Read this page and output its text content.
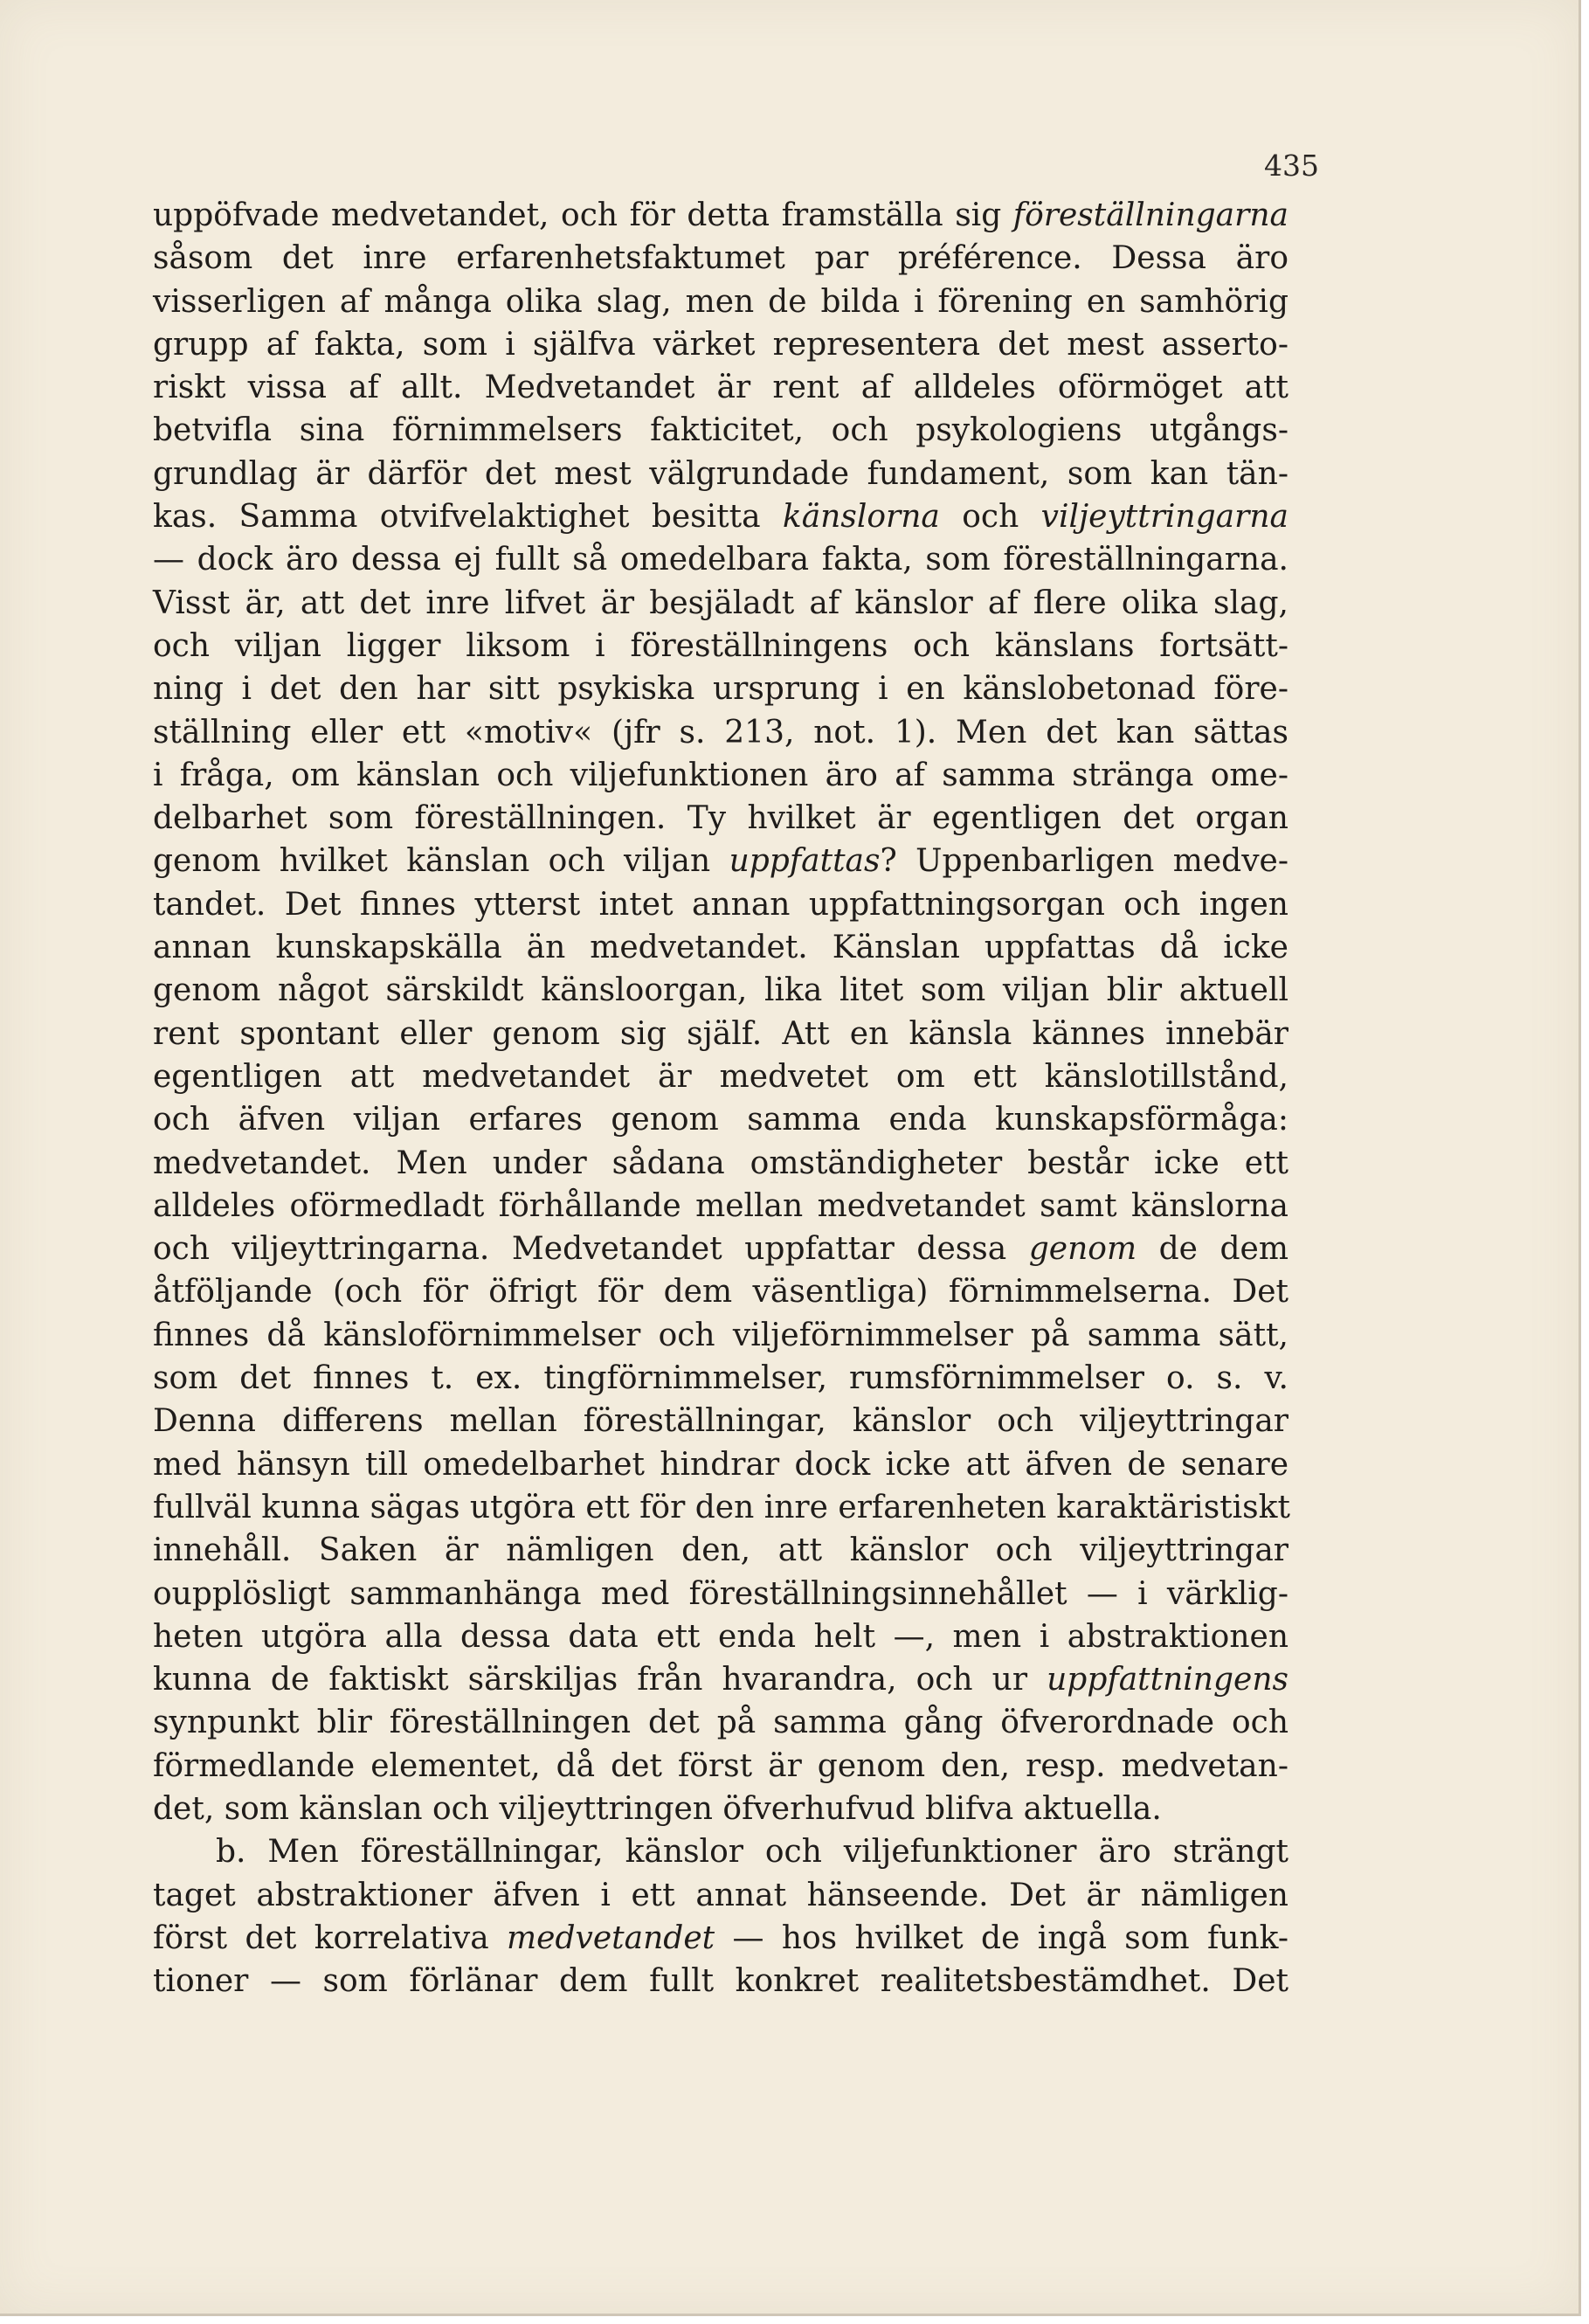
435

uppöfvade medvetandet, och för detta framställa sig föreställningarna
såsom det inre erfarenhetsfaktumet par préférence. Dessa äro
visserligen af många olika slag, men de bilda i förening en samhörig
grupp af fakta, som i själfva värket representera det mest asserto-
riskt vissa af allt. Medvetandet är rent af alldeles oförmöget att
betvifla sina förnimmelsers fakticitet, och psykologiens utgångs-
grundlag är därför det mest välgrundade fundament, som kan tän-
kas. Samma otvifvelaktighet besitta känslorna och viljeyttringarna
— dock äro dessa ej fullt så omedelbara fakta, som föreställningarna.
Visst är, att det inre lifvet är besjäladt af känslor af flere olika slag,
och viljan ligger liksom i föreställningens och känslans fortsätt-
ning i det den har sitt psykiska ursprung i en känslobetonad före-
ställning eller ett «motiv« (jfr s. 213, not. 1). Men det kan sättas
i fråga, om känslan och viljefunktionen äro af samma stränga ome-
delbarhet som föreställningen. Ty hvilket är egentligen det organ
genom hvilket känslan och viljan uppfattas? Uppenbarligen medve-
tandet. Det finnes ytterst intet annan uppfattningsorgan och ingen
annan kunskapskälla än medvetandet. Känslan uppfattas då icke
genom något särskildt känsloorgan, lika litet som viljan blir aktuell
rent spontant eller genom sig själf. Att en känsla kännes innebär
egentligen att medvetandet är medvetet om ett känslotillstånd,
och äfven viljan erfares genom samma enda kunskapsförmåga:
medvetandet. Men under sådana omständigheter består icke ett
alldeles oförmedladt förhållande mellan medvetandet samt känslorna
och viljeyttringarna. Medvetandet uppfattar dessa genom de dem
åtföljande (och för öfrigt för dem väsentliga) förnimmelserna. Det
finnes då känsloförnimmelser och viljeförnimmelser på samma sätt,
som det finnes t. ex. tingförnimmelser, rumsförnimmelser o. s. v.
Denna differens mellan föreställningar, känslor och viljeyttringar
med hänsyn till omedelbarhet hindrar dock icke att äfven de senare
fullväl kunna sägas utgöra ett för den inre erfarenheten karaktäristiskt
innehåll. Saken är nämligen den, att känslor och viljeyttringar
oupplösligt sammanhänga med föreställningsinnehållet — i värklig-
heten utgöra alla dessa data ett enda helt —, men i abstraktionen
kunna de faktiskt särskiljas från hvarandra, och ur uppfattningens
synpunkt blir föreställningen det på samma gång öfverordnade och
förmedlande elementet, då det först är genom den, resp. medvetan-
det, som känslan och viljeyttringen öfverhufvud blifva aktuella.
b. Men föreställningar, känslor och viljefunktioner äro strängt
taget abstraktioner äfven i ett annat hänseende. Det är nämligen
först det korrelativa medvetandet — hos hvilket de ingå som funk-
tioner — som förlänar dem fullt konkret realitetsbestämdhet. Det
